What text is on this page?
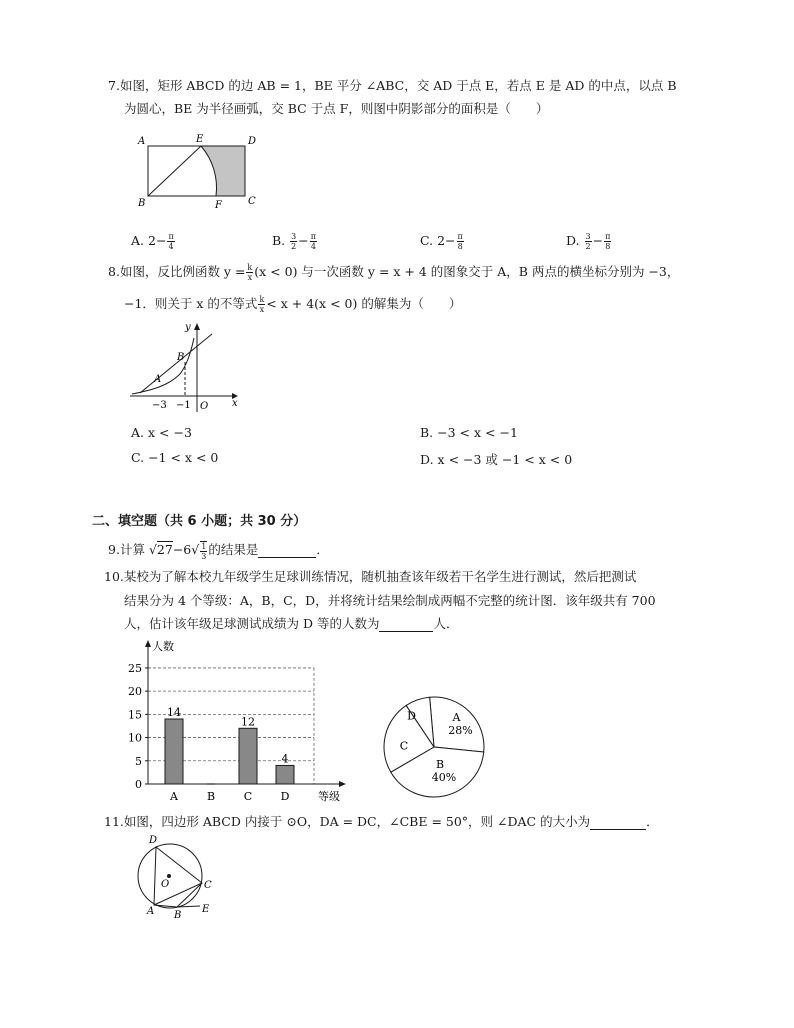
7.如图，矩形 ABCD 的边 AB = 1，BE 平分 ∠ABC，交 AD 于点 E，若点 E 是 AD 的中点，以点 B
为圆心，BE 为半径画弧，交 BC 于点 F，则图中阴影部分的面积是（　　）
A	E	D
B	F	C
A. $2- \frac{\pi}{4}$	B. $\frac{3}{2} - \frac{\pi}{4}$	C. $2- \frac{\pi}{8}$	D. $\frac{3}{2} - \frac{\pi}{8}$
8.如图，反比例函数 $y = \frac{k}{x} (x < 0)$ 与一次函数 y = x + 4 的图象交于 A，B 两点的横坐标分别为 −3，
−1．则关于 x 的不等式 $\frac{k}{x} < x + 4(x < 0)$ 的解集为（　　）
y
B
A
−3 −1 O x
A. x < −3	B. −3 < x < −1
C. −1 < x < 0	D. x < −3 或 −1 < x < 0
二、填空题（共 6 小题；共 30 分）
9.计算 $√27-6√ \frac{1}{3}$ 的结果是	．
10.某校为了解本校九年级学生足球训练情况，随机抽查该年级若干名学生进行测试，然后把测试
结果分为 4 个等级：A，B，C，D，并将统计结果绘制成两幅不完整的统计图．该年级共有 700
人，估计该年级足球测试成绩为 D 等的人数为	人．
人数
等级
0
5
10
15
20
25
14
12
4
A	B	C	D
A
28%
B
40%
C
D
11.如图，四边形 ABCD 内接于 ⊙O，DA = DC，∠CBE = 50°，则 ∠DAC 的大小为	．
D
O	C
A B
E
